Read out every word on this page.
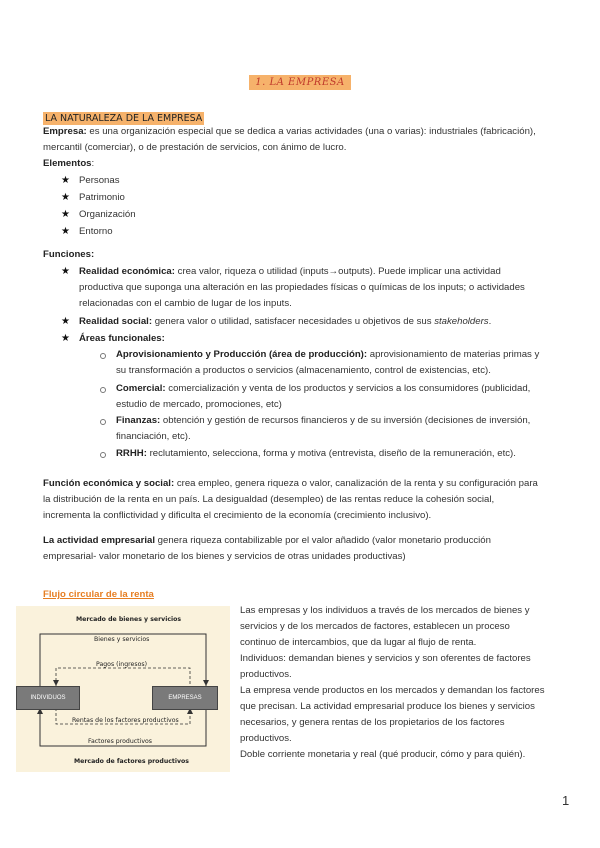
1. LA EMPRESA
LA NATURALEZA DE LA EMPRESA
Empresa: es una organización especial que se dedica a varias actividades (una o varias): industriales (fabricación),
mercantil (comerciar), o de prestación de servicios, con ánimo de lucro.
Elementos:
★ Personas
★ Patrimonio
★ Organización
★ Entorno
Funciones:
★ Realidad económica: crea valor, riqueza o utilidad (inputs→outputs). Puede implicar una actividad
productiva que suponga una alteración en las propiedades físicas o químicas de los inputs; o actividades
relacionadas con el cambio de lugar de los inputs.
★ Realidad social: genera valor o utilidad, satisfacer necesidades u objetivos de sus stakeholders.
★ Áreas funcionales:
Aprovisionamiento y Producción (área de producción): aprovisionamiento de materias primas y
su transformación a productos o servicios (almacenamiento, control de existencias, etc).
Comercial: comercialización y venta de los productos y servicios a los consumidores (publicidad,
estudio de mercado, promociones, etc)
Finanzas: obtención y gestión de recursos financieros y de su inversión (decisiones de inversión,
financiación, etc).
RRHH: reclutamiento, selecciona, forma y motiva (entrevista, diseño de la remuneración, etc).
Función económica y social: crea empleo, genera riqueza o valor, canalización de la renta y su configuración para
la distribución de la renta en un país. La desigualdad (desempleo) de las rentas reduce la cohesión social,
incrementa la conflictividad y dificulta el crecimiento de la economía (crecimiento inclusivo).
La actividad empresarial genera riqueza contabilizable por el valor añadido (valor monetario producción
empresarial- valor monetario de los bienes y servicios de otras unidades productivas)
Flujo circular de la renta
Mercado de bienes y servicios
Bienes y servicios
Pagos (ingresos)
INDIVIDUOS	EMPRESAS
Rentas de los factores productivos
Factores productivos
Mercado de factores productivos
Las empresas y los individuos a través de los mercados de bienes y
servicios y de los mercados de factores, establecen un proceso
continuo de intercambios, que da lugar al flujo de renta.
Individuos: demandan bienes y servicios y son oferentes de factores
productivos.
La empresa vende productos en los mercados y demandan los factores
que precisan. La actividad empresarial produce los bienes y servicios
necesarios, y genera rentas de los propietarios de los factores
productivos.
Doble corriente monetaria y real (qué producir, cómo y para quién).
1
